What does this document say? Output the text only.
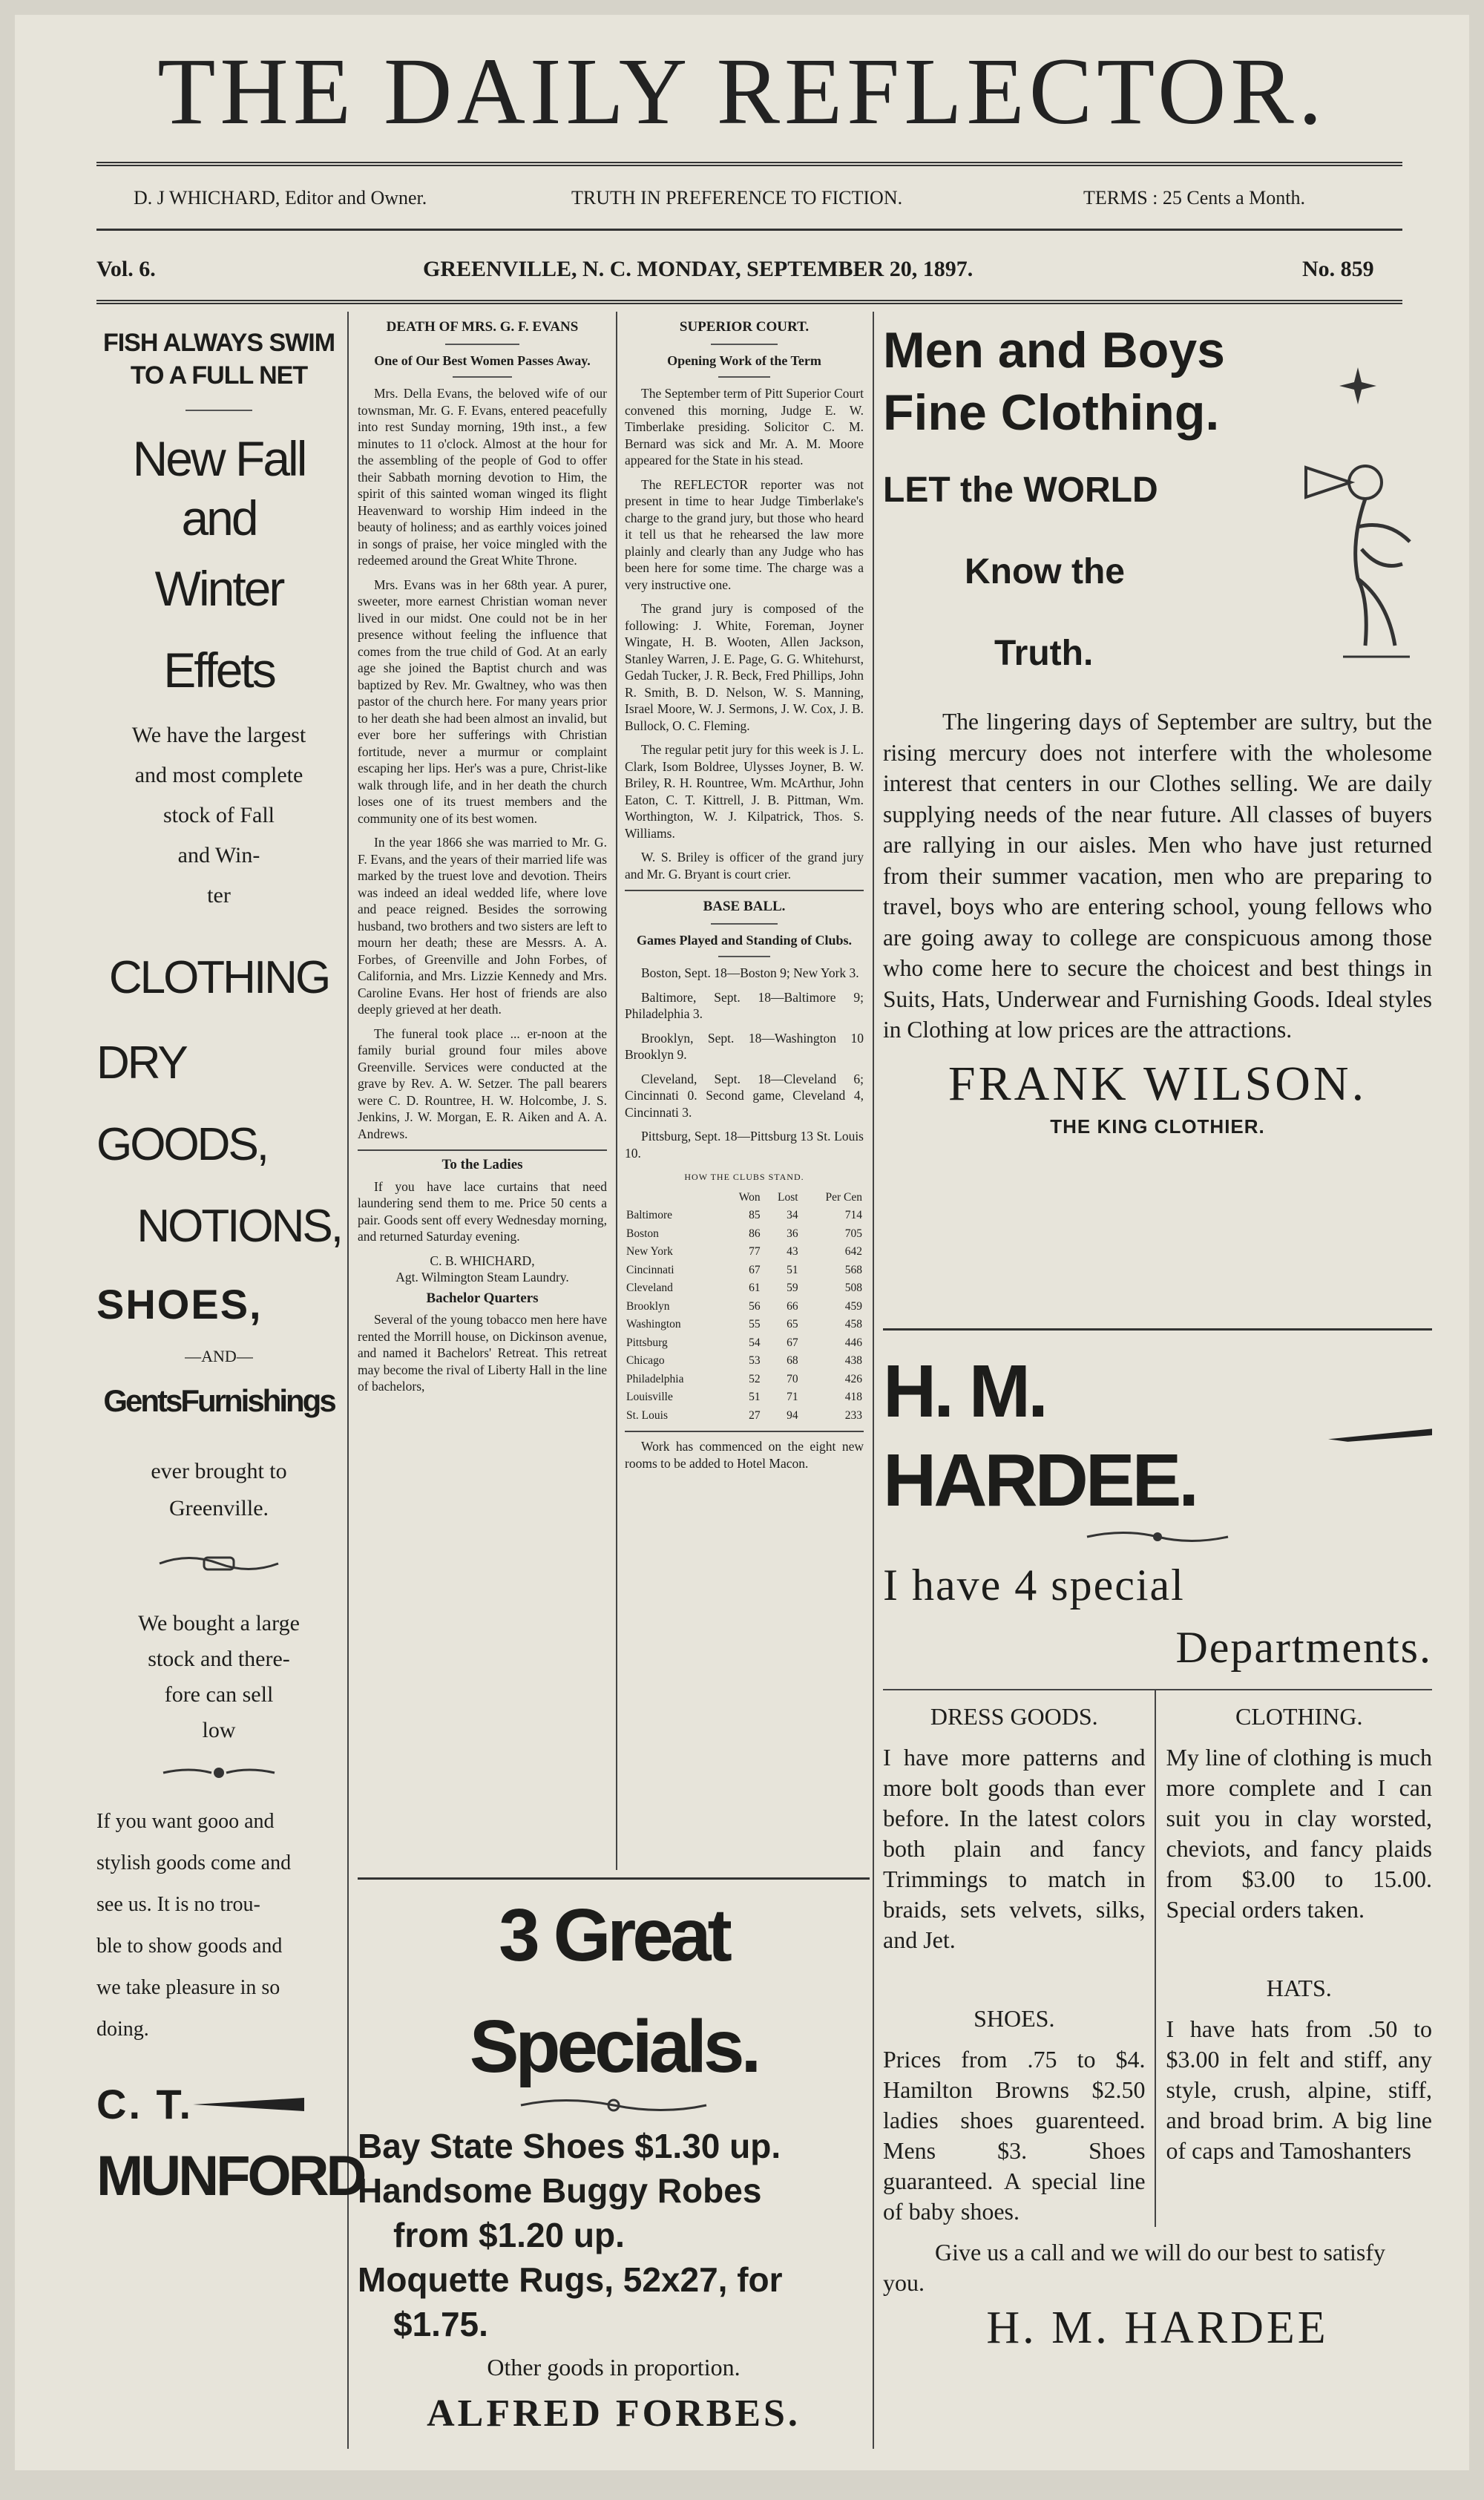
THE DAILY REFLECTOR.
D. J WHICHARD, Editor and Owner.	TRUTH IN PREFERENCE TO FICTION.	TERMS : 25 Cents a Month.
Vol. 6.	GREENVILLE, N. C. MONDAY, SEPTEMBER 20, 1897.	No. 859
FISH ALWAYS SWIM TO A FULL NET
New Fall and Winter Effets
We have the largest
and most complete
stock of Fall
and Win-
ter
CLOTHING DRY GOODS, NOTIONS, SHOES,
—AND—
GentsFurnishings
ever brought to
Greenville.
We bought a large
stock and there-
fore can sell
low
If you want gooo and
stylish goods come and
see us. It is no trou-
ble to show goods and
we take pleasure in so
doing.
C. T.
MUNFORD
DEATH OF MRS. G. F. EVANS
One of Our Best Women Passes Away.

Mrs. Della Evans, the beloved wife of our townsman, Mr. G. F. Evans, entered peacefully into rest Sunday morning, 19th inst., a few minutes to 11 o'clock. Almost at the hour for the assembling of the people of God to offer their Sabbath morning devotion to Him, the spirit of this sainted woman winged its flight Heavenward to worship Him indeed in the beauty of holiness; and as earthly voices joined in songs of praise, her voice mingled with the redeemed around the Great White Throne.

Mrs. Evans was in her 68th year. A purer, sweeter, more earnest Christian woman never lived in our midst. One could not be in her presence without feeling the influence that comes from the true child of God. At an early age she joined the Baptist church and was baptized by Rev. Mr. Gwaltney, who was then pastor of the church here. For many years prior to her death she had been almost an invalid, but ever bore her sufferings with Christian fortitude, never a murmur or complaint escaping her lips. Her's was a pure, Christ-like walk through life, and in her death the church loses one of its truest members and the community one of its best women.

In the year 1866 she was married to Mr. G. F. Evans, and the years of their married life was marked by the truest love and devotion. Theirs was indeed an ideal wedded life, where love and peace reigned. Besides the sorrowing husband, two brothers and two sisters are left to mourn her death; these are Messrs. A. A. Forbes, of Greenville and John Forbes, of California, and Mrs. Lizzie Kennedy and Mrs. Caroline Evans. Her host of friends are also deeply grieved at her death.

The funeral took place ... er-noon at the family burial ground four miles above Greenville. Services were conducted at the grave by Rev. A. W. Setzer. The pall bearers were C. D. Rountree, H. W. Holcombe, J. S. Jenkins, J. W. Morgan, E. R. Aiken and A. A. Andrews.

To the Ladies

If you have lace curtains that need laundering send them to me. Price 50 cents a pair. Goods sent off every Wednesday morning, and returned Saturday evening.

C. B. WHICHARD,
Agt. Wilmington Steam Laundry.
Bachelor Quarters

Several of the young tobacco men here have rented the Morrill house, on Dickinson avenue, and named it Bachelors' Retreat. This retreat may become the rival of Liberty Hall in the line of bachelors,

SUPERIOR COURT.
Opening Work of the Term

The September term of Pitt Superior Court convened this morning, Judge E. W. Timberlake presiding. Solicitor C. M. Bernard was sick and Mr. A. M. Moore appeared for the State in his stead.

The REFLECTOR reporter was not present in time to hear Judge Timberlake's charge to the grand jury, but those who heard it tell us that he rehearsed the law more plainly and clearly than any Judge who has been here for some time. The charge was a very instructive one.

The grand jury is composed of the following: J. White, Foreman, Joyner Wingate, H. B. Wooten, Allen Jackson, Stanley Warren, J. E. Page, G. G. Whitehurst, Gedah Tucker, J. R. Beck, Fred Phillips, John R. Smith, B. D. Nelson, W. S. Manning, Israel Moore, W. J. Sermons, J. W. Cox, J. B. Bullock, O. C. Fleming.

The regular petit jury for this week is J. L. Clark, Isom Boldree, Ulysses Joyner, B. W. Briley, R. H. Rountree, Wm. McArthur, John Eaton, C. T. Kittrell, J. B. Pittman, Wm. Worthington, W. J. Kilpatrick, Thos. S. Williams.

W. S. Briley is officer of the grand jury and Mr. G. Bryant is court crier.

BASE BALL.
Games Played and Standing of Clubs.

Boston, Sept. 18—Boston 9; New York 3.

Baltimore, Sept. 18—Baltimore 9; Philadelphia 3.

Brooklyn, Sept. 18—Washington 10 Brooklyn 9.

Cleveland, Sept. 18—Cleveland 6; Cincinnati 0. Second game, Cleveland 4, Cincinnati 3.

Pittsburg, Sept. 18—Pittsburg 13 St. Louis 10.

HOW THE CLUBS STAND.
	Won	Lost	Per Cen
Baltimore	85	34	714
Boston	86	36	705
New York	77	43	642
Cincinnati	67	51	568
Cleveland	61	59	508
Brooklyn	56	66	459
Washington	55	65	458
Pittsburg	54	67	446
Chicago	53	68	438
Philadelphia	52	70	426
Louisville	51	71	418
St. Louis	27	94	233

Work has commenced on the eight new rooms to be added to Hotel Macon.

3 Great Specials.
Bay State Shoes $1.30 up.
Handsome Buggy Robes
from $1.20 up.
Moquette Rugs, 52x27, for
$1.75.
Other goods in proportion.
ALFRED FORBES.
Men and Boys
Fine Clothing.
LET the WORLD
Know the
Truth.

The lingering days of September are sultry, but the rising mercury does not interfere with the wholesome interest that centers in our Clothes selling. We are daily supplying needs of the near future. All classes of buyers are rallying in our aisles. Men who have just returned from their summer vacation, men who are preparing to travel, boys who are entering school, young fellows who are going away to college are conspicuous among those who come here to secure the choicest and best things in Suits, Hats, Underwear and Furnishing Goods. Ideal styles in Clothing at low prices are the attractions.

FRANK WILSON.
THE KING CLOTHIER.
H. M. HARDEE.
I have 4 special
Departments.
DRESS GOODS.

I have more patterns and more bolt goods than ever before. In the latest colors both plain and fancy Trimmings to match in braids, sets velvets, silks, and Jet.

SHOES.

Prices from .75 to $4. Hamilton Browns $2.50 ladies shoes guarenteed. Mens $3. Shoes guaranteed. A special line of baby shoes.

CLOTHING.

My line of clothing is much more complete and I can suit you in clay worsted, cheviots, and fancy plaids from $3.00 to 15.00. Special orders taken.

HATS.

I have hats from .50 to $3.00 in felt and stiff, any style, crush, alpine, stiff, and broad brim. A big line of caps and Tamoshanters

Give us a call and we will do our best to satisfy you.

H. M. HARDEE
